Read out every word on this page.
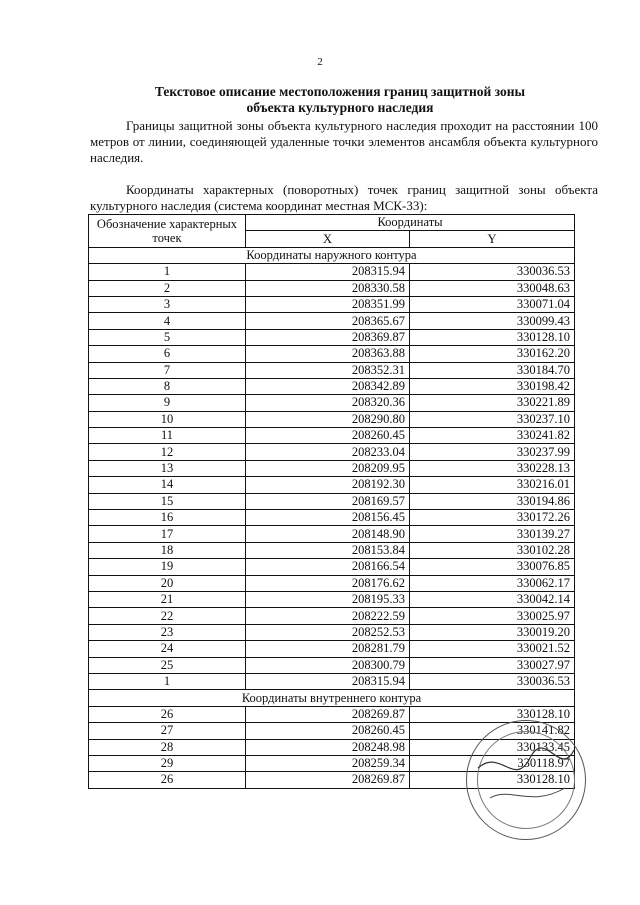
2
Текстовое описание местоположения границ защитной зоны
объекта культурного наследия
Границы защитной зоны объекта культурного наследия проходит на расстоянии 100 метров от линии, соединяющей удаленные точки элементов ансамбля объекта культурного наследия.
Координаты характерных (поворотных) точек границ защитной зоны объекта культурного наследия (система координат местная МСК-33):
Обозначение характерных точек	Координаты	
	X	Y
Координаты наружного контура		
1	208315.94	330036.53
2	208330.58	330048.63
3	208351.99	330071.04
4	208365.67	330099.43
5	208369.87	330128.10
6	208363.88	330162.20
7	208352.31	330184.70
8	208342.89	330198.42
9	208320.36	330221.89
10	208290.80	330237.10
11	208260.45	330241.82
12	208233.04	330237.99
13	208209.95	330228.13
14	208192.30	330216.01
15	208169.57	330194.86
16	208156.45	330172.26
17	208148.90	330139.27
18	208153.84	330102.28
19	208166.54	330076.85
20	208176.62	330062.17
21	208195.33	330042.14
22	208222.59	330025.97
23	208252.53	330019.20
24	208281.79	330021.52
25	208300.79	330027.97
1	208315.94	330036.53
Координаты внутреннего контура		
26	208269.87	330128.10
27	208260.45	330141.82
28	208248.98	330133.45
29	208259.34	330118.97
26	208269.87	330128.10
